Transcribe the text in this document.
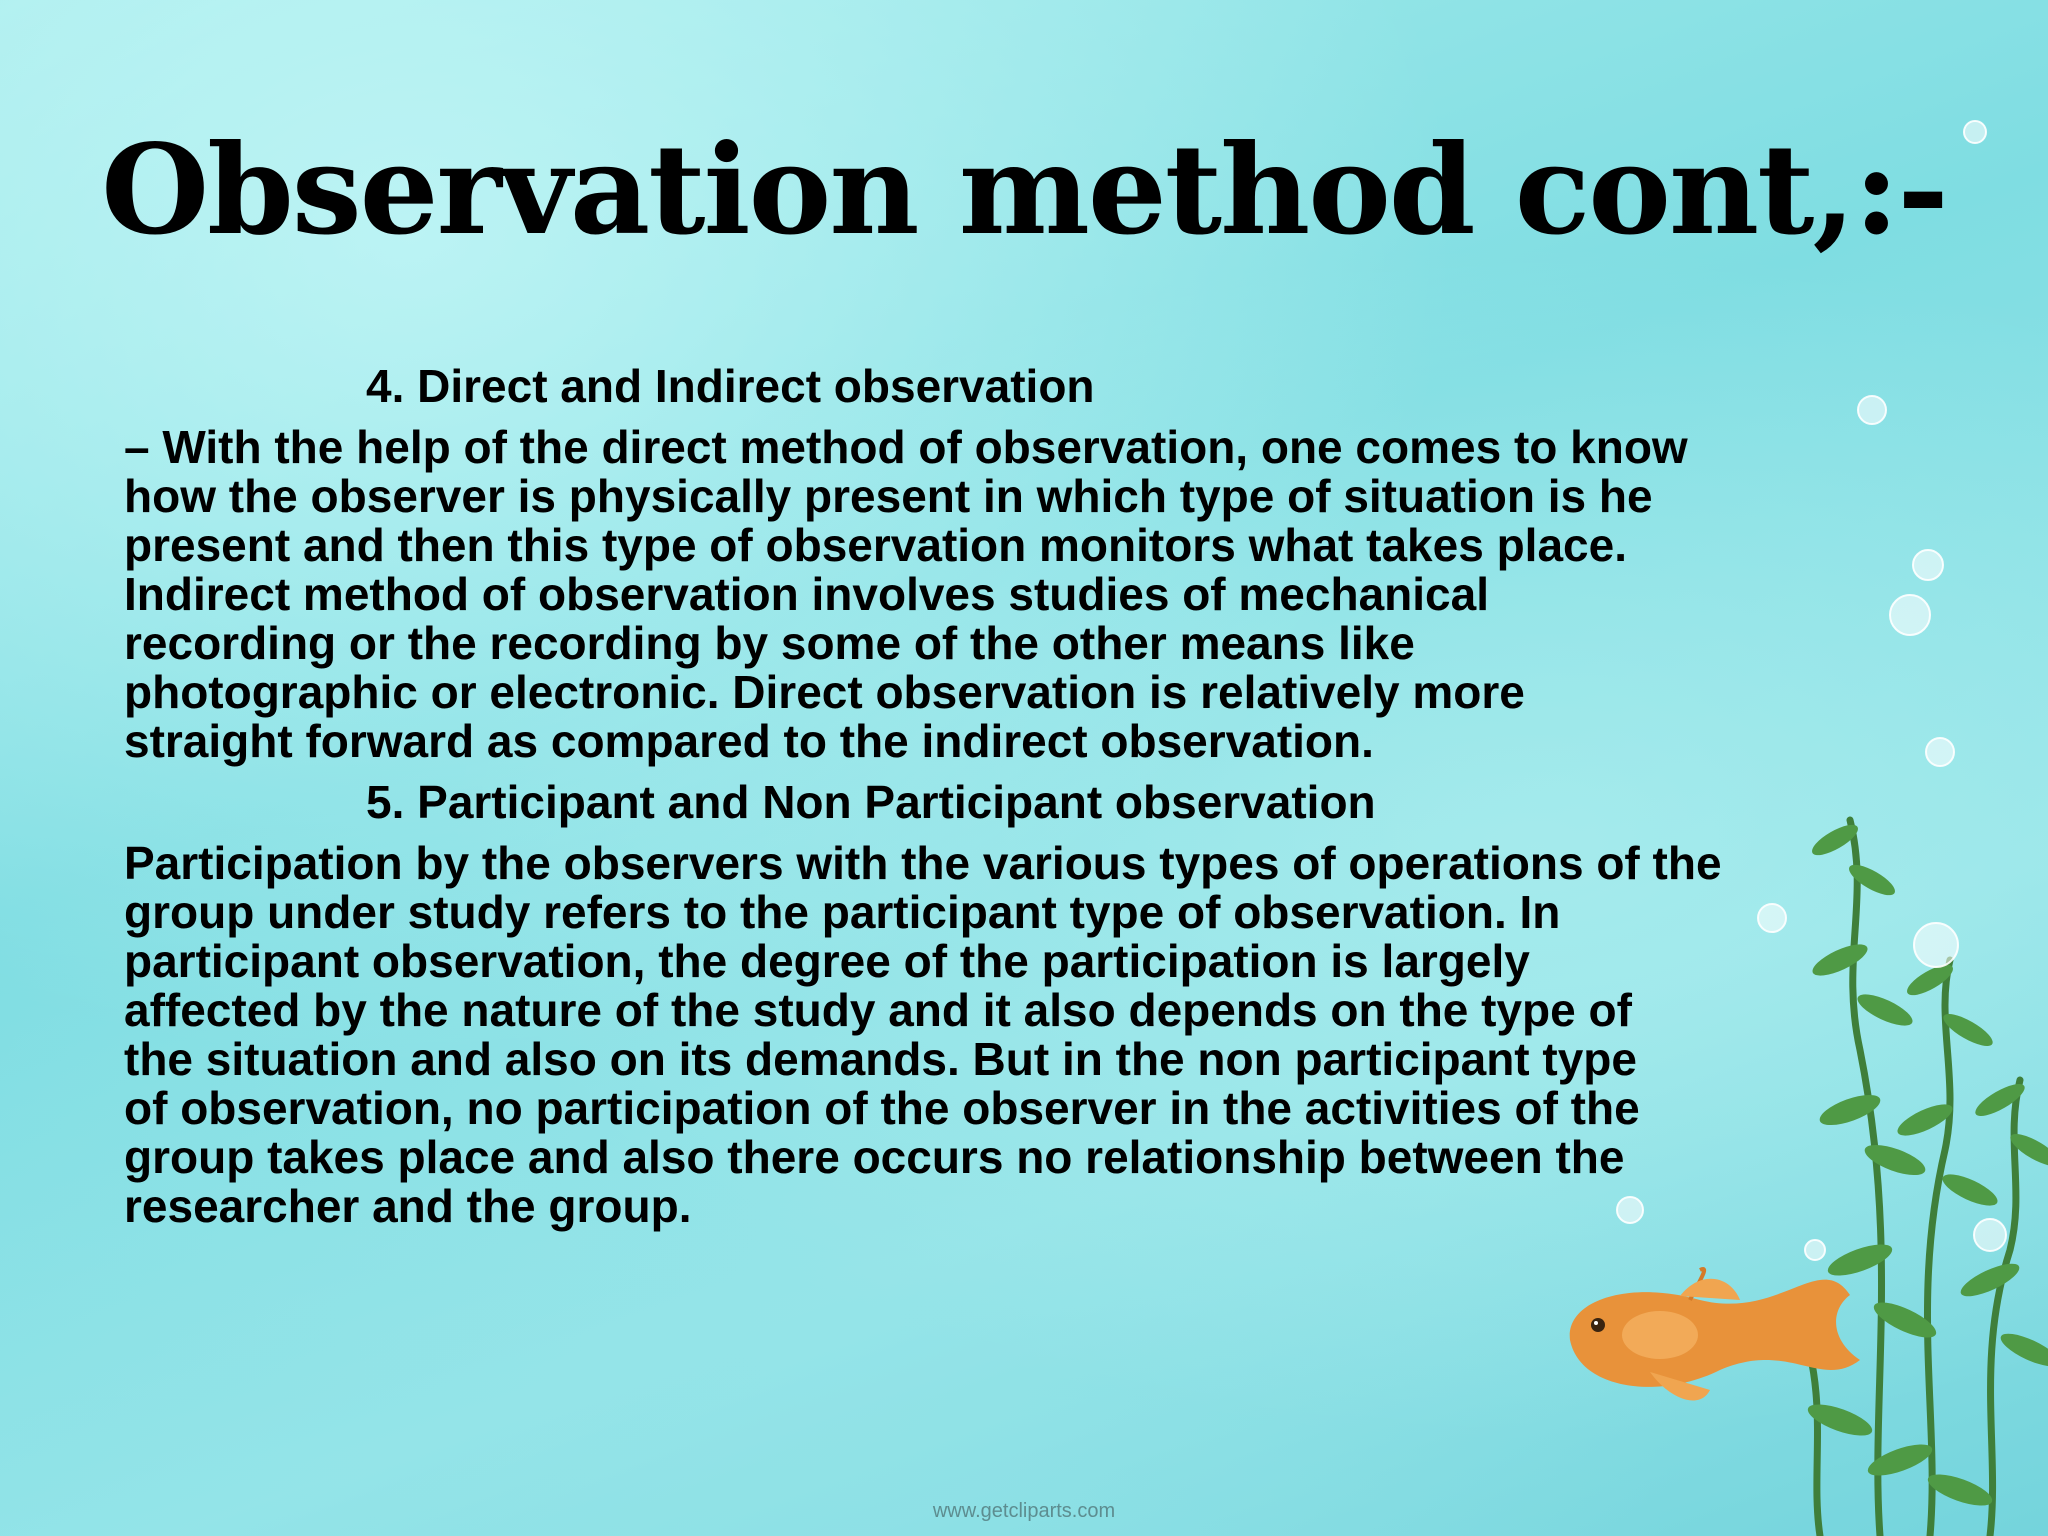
Observation method cont,:-
4. Direct and Indirect observation
– With the help of the direct method of observation, one comes to know
how the observer is physically present in which type of situation is he
present and then this type of observation monitors what takes place.
Indirect method of observation involves studies of mechanical
recording or the recording by some of the other means like
photographic or electronic. Direct observation is relatively more
straight forward as compared to the indirect observation.
5. Participant and Non Participant observation
Participation by the observers with the various types of operations of the
group under study refers to the participant type of observation. In
participant observation, the degree of the participation is largely
affected by the nature of the study and it also depends on the type of
the situation and also on its demands. But in the non participant type
of observation, no participation of the observer in the activities of the
group takes place and also there occurs no relationship between the
researcher and the group.
www.getcliparts.com
